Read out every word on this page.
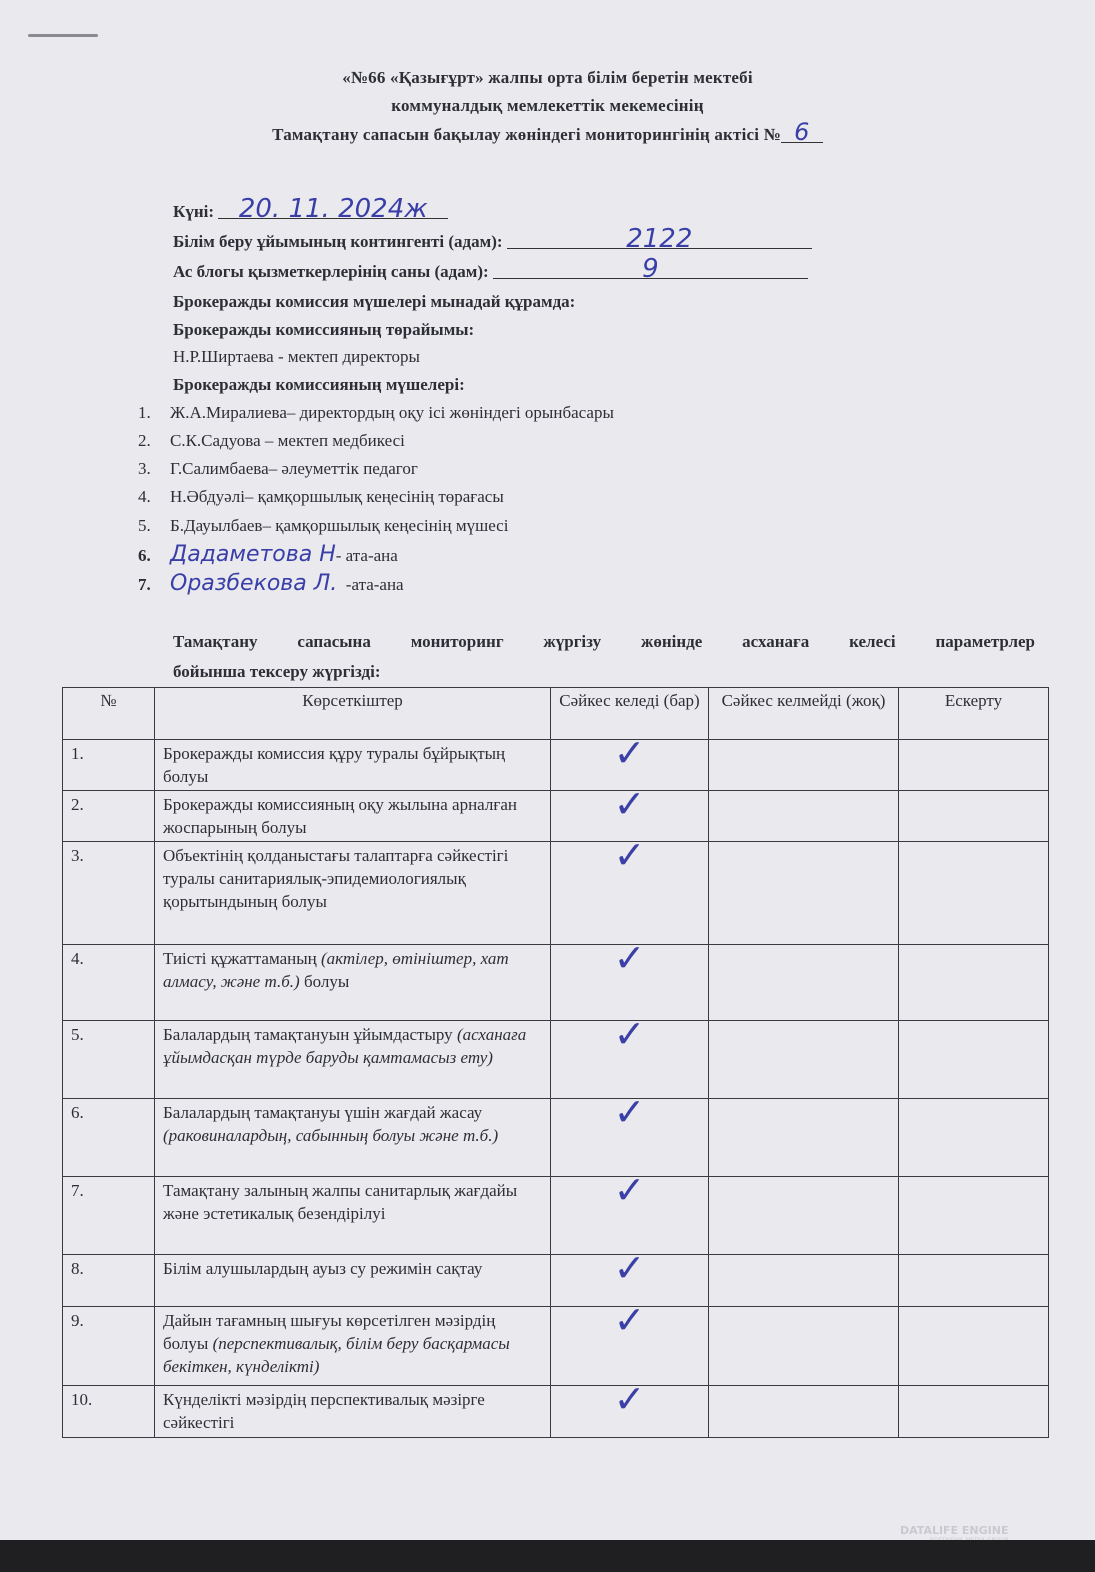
«№66 «Қазығұрт» жалпы орта білім беретін мектебі
коммуналдық мемлекеттік мекемесінің
Тамақтану сапасын бақылау жөніндегі мониторингінің актісі № 6
Күні: 20. 11. 2024ж
Білім беру ұйымының контингенті (адам):	2122
Ас блогы қызметкерлерінің саны (адам):	9
Брокеражды комиссия мүшелері мынадай құрамда:
Брокеражды комиссияның төрайымы:
Н.Р.Ширтаева - мектеп директоры
Брокеражды комиссияның мүшелері:
1. Ж.А.Миралиева– директордың оқу ісі жөніндегі орынбасары
2. С.К.Садуова – мектеп медбикесі
3. Г.Салимбаева– әлеуметтік педагог
4. Н.Әбдуәлі– қамқоршылық кеңесінің төрағасы
5. Б.Дауылбаев– қамқоршылық кеңесінің мүшесі
6. Дадаметова Н- ата-ана
7. Оразбекова Л. -ата-ана
Тамақтану сапасына мониторинг жүргізу жөнінде асханаға келесі параметрлер
бойынша тексеру жүргізді:
№	Көрсеткіштер	Сәйкес келеді (бар)	Сәйкес келмейді (жоқ)	Ескерту
1.	Брокеражды комиссия құру туралы бұйрықтың болуы	✓		
2.	Брокеражды комиссияның оқу жылына арналған жоспарының болуы	✓		
3.	Объектінің қолданыстағы талаптарға сәйкестігі туралы санитариялық-эпидемиологиялық қорытындының болуы	✓		
4.	Тиісті құжаттаманың (актілер, өтініштер, хат алмасу, және т.б.) болуы	✓		
5.	Балалардың тамақтануын ұйымдастыру (асханаға ұйымдасқан түрде баруды қамтамасыз ету)	✓		
6.	Балалардың тамақтануы үшін жағдай жасау (раковиналардың, сабынның болуы және т.б.)	✓		
7.	Тамақтану залының жалпы санитарлық жағдайы және эстетикалық безендірілуі	✓		
8.	Білім алушылардың ауыз су режимін сақтау	✓		
9.	Дайын тағамның шығуы көрсетілген мәзірдің болуы (перспективалық, білім беру басқармасы бекіткен, күнделікті)	✓		
10.	Күнделікті мәзірдің перспективалық мәзірге сәйкестігі	✓		
DATALIFE ENGINE
